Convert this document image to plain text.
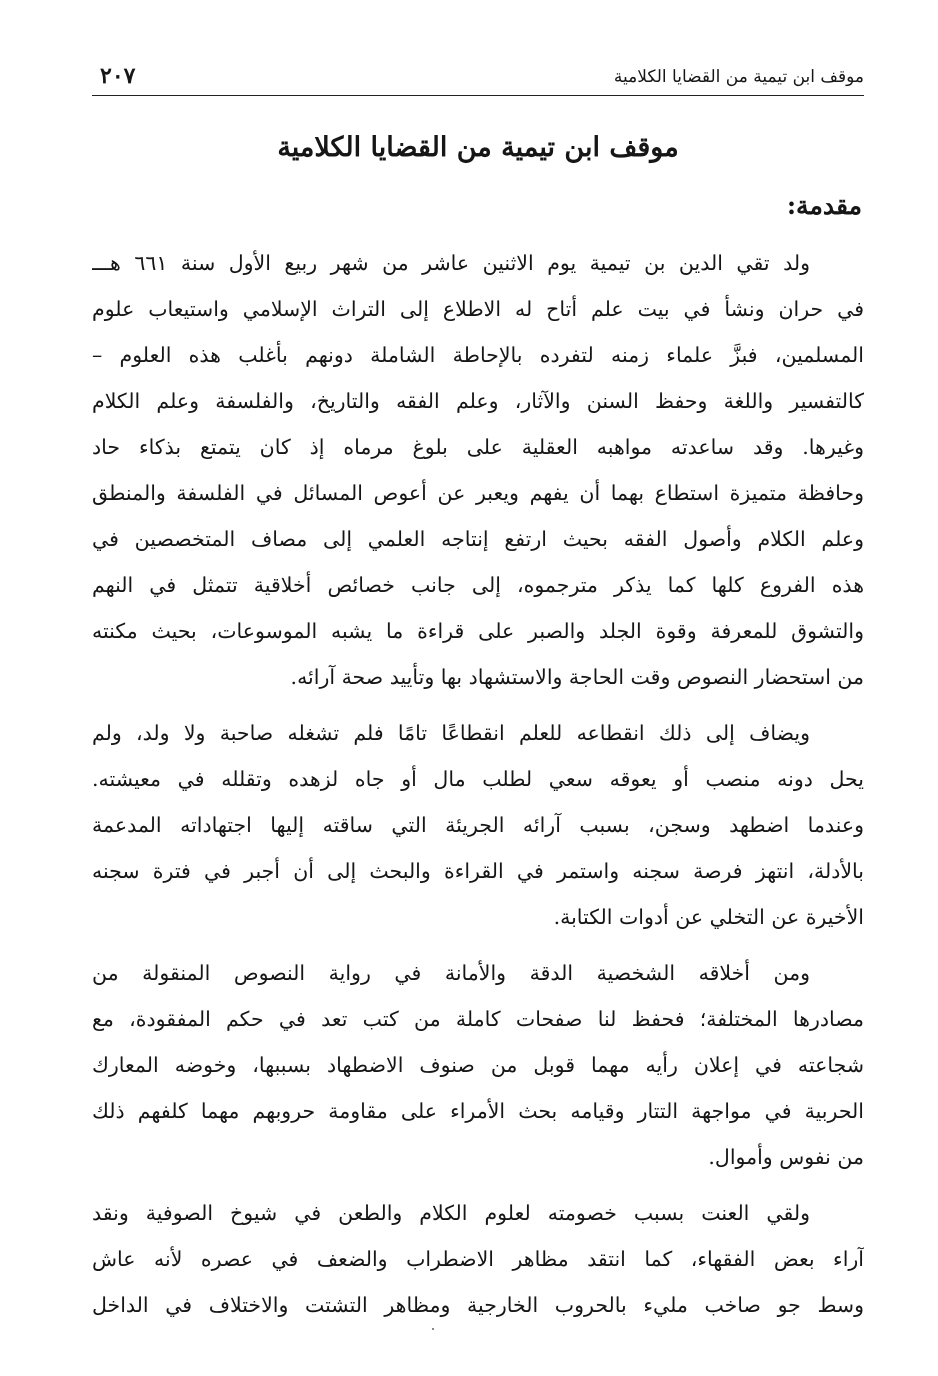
موقف ابن تيمية من القضايا الكلامية
٢٠٧
موقف ابن تيمية من القضايا الكلامية
مقدمة:
ولد تقي الدين بن تيمية يوم الاثنين عاشر من شهر ربيع الأول سنة ٦٦١ هـــ
في حران ونشأ في بيت علم أتاح له الاطلاع إلى التراث الإسلامي واستيعاب علوم
المسلمين، فبزَّ علماء زمنه لتفرده بالإحاطة الشاملة دونهم بأغلب هذه العلوم –
كالتفسير واللغة وحفظ السنن والآثار، وعلم الفقه والتاريخ، والفلسفة وعلم الكلام
وغيرها. وقد ساعدته مواهبه العقلية على بلوغ مرماه إذ كان يتمتع بذكاء حاد
وحافظة متميزة استطاع بهما أن يفهم ويعبر عن أعوص المسائل في الفلسفة والمنطق
وعلم الكلام وأصول الفقه بحيث ارتفع إنتاجه العلمي إلى مصاف المتخصصين في
هذه الفروع كلها كما يذكر مترجموه، إلى جانب خصائص أخلاقية تتمثل في النهم
والتشوق للمعرفة وقوة الجلد والصبر على قراءة ما يشبه الموسوعات، بحيث مكنته
من استحضار النصوص وقت الحاجة والاستشهاد بها وتأييد صحة آرائه.
ويضاف إلى ذلك انقطاعه للعلم انقطاعًا تامًا فلم تشغله صاحبة ولا ولد، ولم
يحل دونه منصب أو يعوقه سعي لطلب مال أو جاه لزهده وتقلله في معيشته.
وعندما اضطهد وسجن، بسبب آرائه الجريئة التي ساقته إليها اجتهاداته المدعمة
بالأدلة، انتهز فرصة سجنه واستمر في القراءة والبحث إلى أن أجبر في فترة سجنه
الأخيرة عن التخلي عن أدوات الكتابة.
ومن أخلاقه الشخصية الدقة والأمانة في رواية النصوص المنقولة من
مصادرها المختلفة؛ فحفظ لنا صفحات كاملة من كتب تعد في حكم المفقودة، مع
شجاعته في إعلان رأيه مهما قوبل من صنوف الاضطهاد بسببها، وخوضه المعارك
الحربية في مواجهة التتار وقيامه بحث الأمراء على مقاومة حروبهم مهما كلفهم ذلك
من نفوس وأموال.
ولقي العنت بسبب خصومته لعلوم الكلام والطعن في شيوخ الصوفية ونقد
آراء بعض الفقهاء، كما انتقد مظاهر الاضطراب والضعف في عصره لأنه عاش
وسط جو صاخب مليء بالحروب الخارجية ومظاهر التشتت والاختلاف في الداخل
